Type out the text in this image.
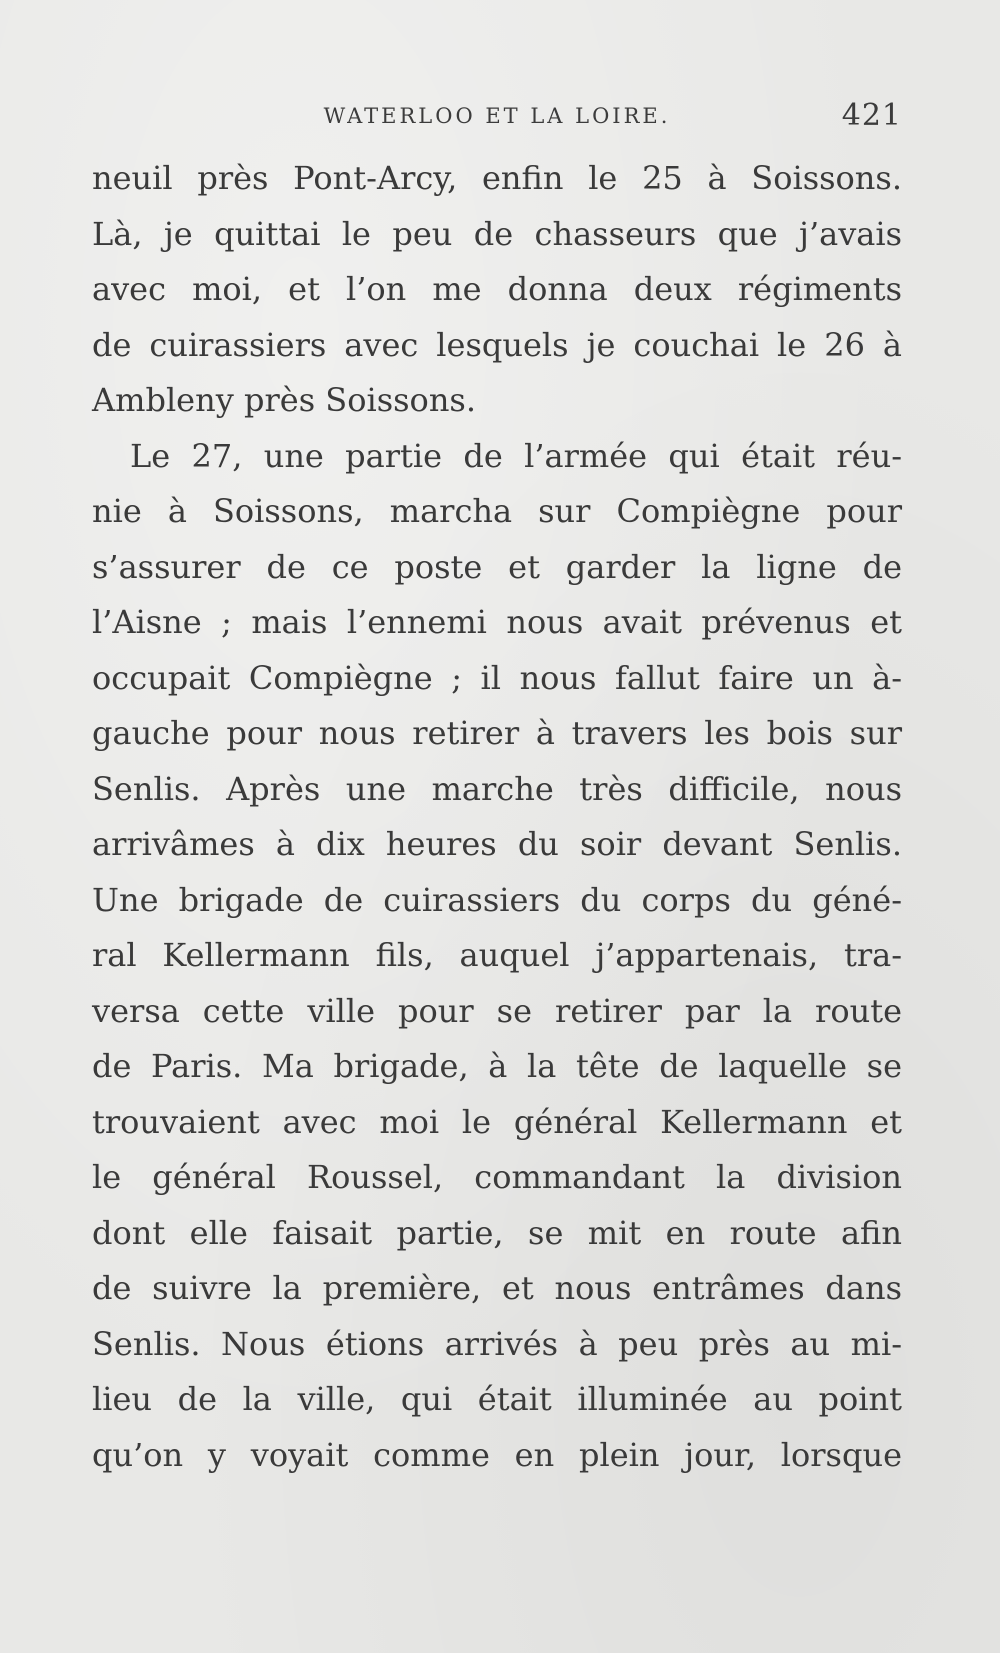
WATERLOO ET LA LOIRE.	421
neuil près Pont-Arcy, enfin le 25 à Soissons.
Là, je quittai le peu de chasseurs que j’avais
avec moi, et l’on me donna deux régiments
de cuirassiers avec lesquels je couchai le 26 à
Ambleny près Soissons.
Le 27, une partie de l’armée qui était réu-
nie à Soissons, marcha sur Compiègne pour
s’assurer de ce poste et garder la ligne de
l’Aisne ; mais l’ennemi nous avait prévenus et
occupait Compiègne ; il nous fallut faire un à-
gauche pour nous retirer à travers les bois sur
Senlis. Après une marche très difficile, nous
arrivâmes à dix heures du soir devant Senlis.
Une brigade de cuirassiers du corps du géné-
ral Kellermann fils, auquel j’appartenais, tra-
versa cette ville pour se retirer par la route
de Paris. Ma brigade, à la tête de laquelle se
trouvaient avec moi le général Kellermann et
le général Roussel, commandant la division
dont elle faisait partie, se mit en route afin
de suivre la première, et nous entrâmes dans
Senlis. Nous étions arrivés à peu près au mi-
lieu de la ville, qui était illuminée au point
qu’on y voyait comme en plein jour, lorsque
